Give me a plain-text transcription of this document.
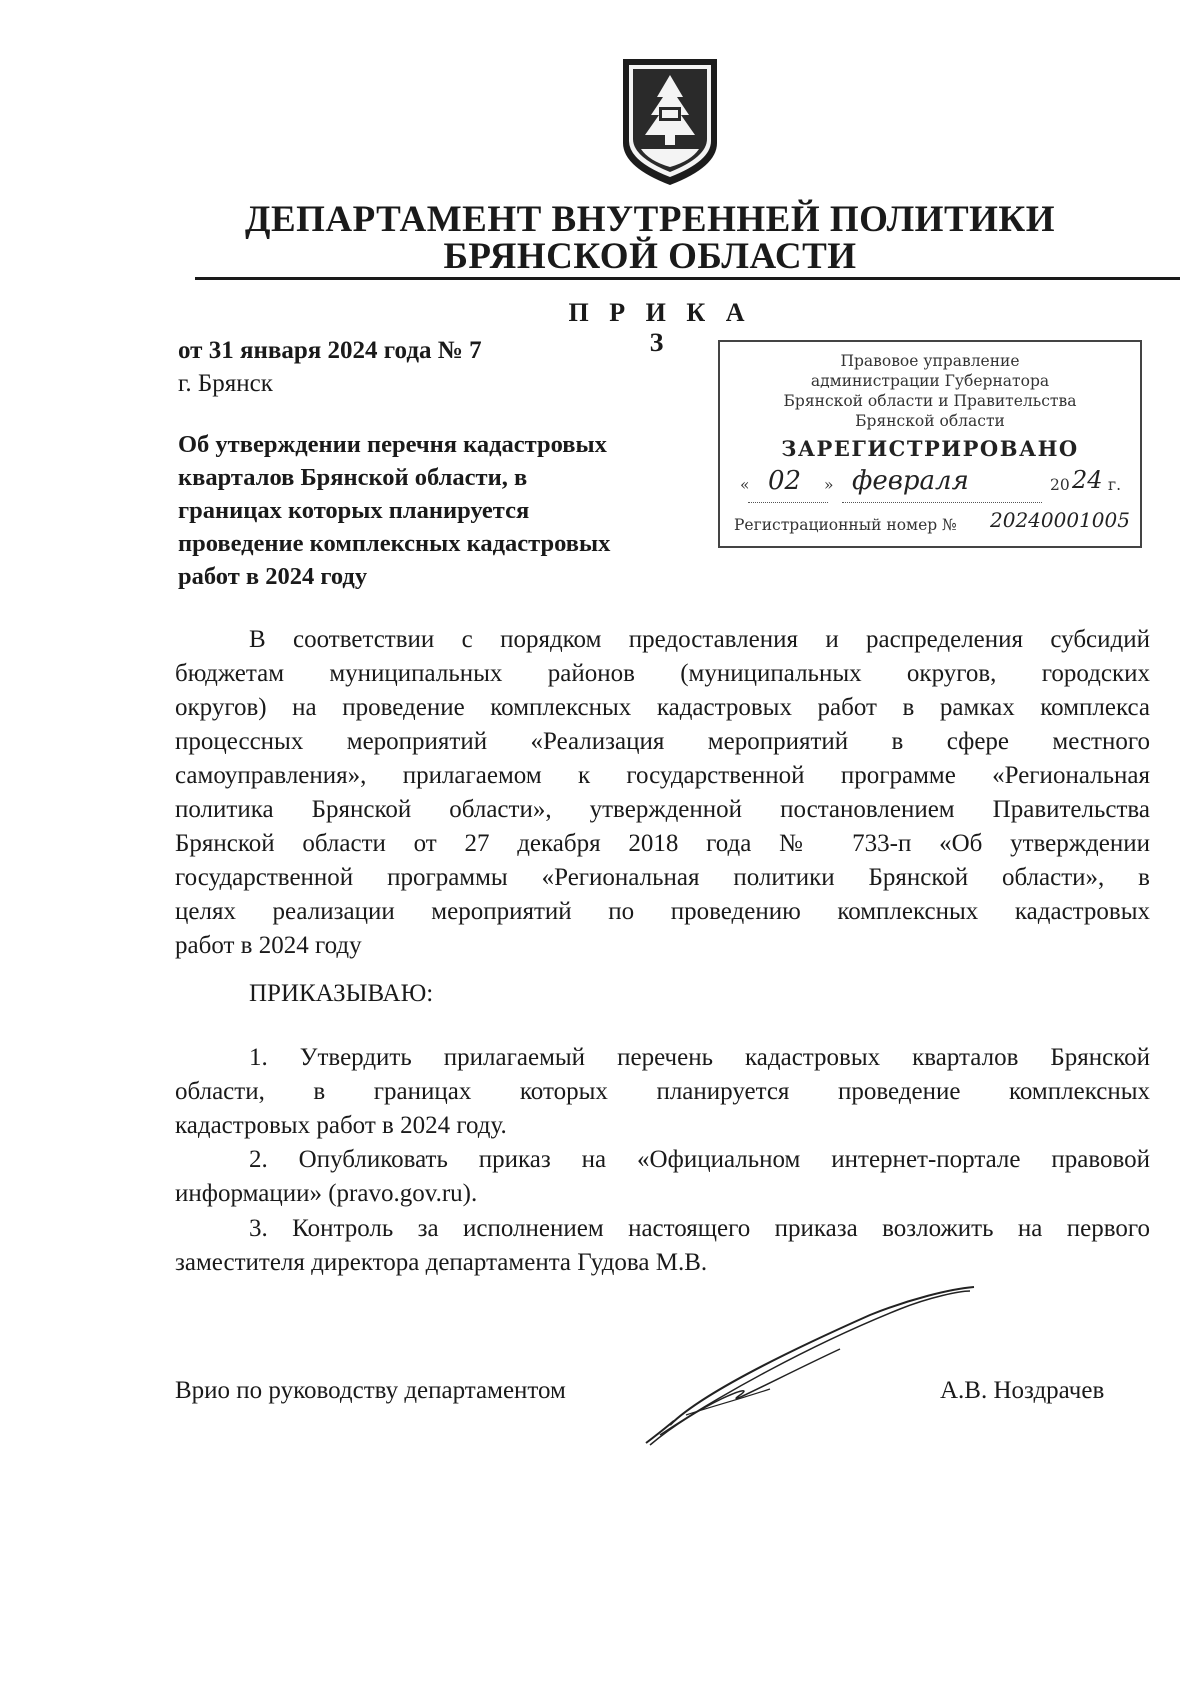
ДЕПАРТАМЕНТ ВНУТРЕННЕЙ ПОЛИТИКИ
БРЯНСКОЙ ОБЛАСТИ
П Р И К А З
от 31 января 2024 года № 7
г. Брянск
Об утверждении перечня кадастровых
кварталов Брянской области, в
границах которых планируется
проведение комплексных кадастровых
работ в 2024 году
Правовое управление
администрации Губернатора
Брянской области и Правительства
Брянской области
ЗАРЕГИСТРИРОВАНО
« 02 » февраля	20 24 г.
Регистрационный номер № 20240001005
В соответствии с порядком предоставления и распределения субсидий
бюджетам муниципальных районов (муниципальных округов, городских
округов) на проведение комплексных кадастровых работ в рамках комплекса
процессных мероприятий «Реализация мероприятий в сфере местного
самоуправления», прилагаемом к государственной программе «Региональная
политика Брянской области», утвержденной постановлением Правительства
Брянской области от 27 декабря 2018 года № 733-п «Об утверждении
государственной программы «Региональная политики Брянской области», в
целях реализации мероприятий по проведению комплексных кадастровых
работ в 2024 году
ПРИКАЗЫВАЮ:
1. Утвердить прилагаемый перечень кадастровых кварталов Брянской
области, в границах которых планируется проведение комплексных
кадастровых работ в 2024 году.
2. Опубликовать приказ на «Официальном интернет-портале правовой
информации» (pravo.gov.ru).
3. Контроль за исполнением настоящего приказа возложить на первого
заместителя директора департамента Гудова М.В.
Врио по руководству департаментом	А.В. Ноздрачев
